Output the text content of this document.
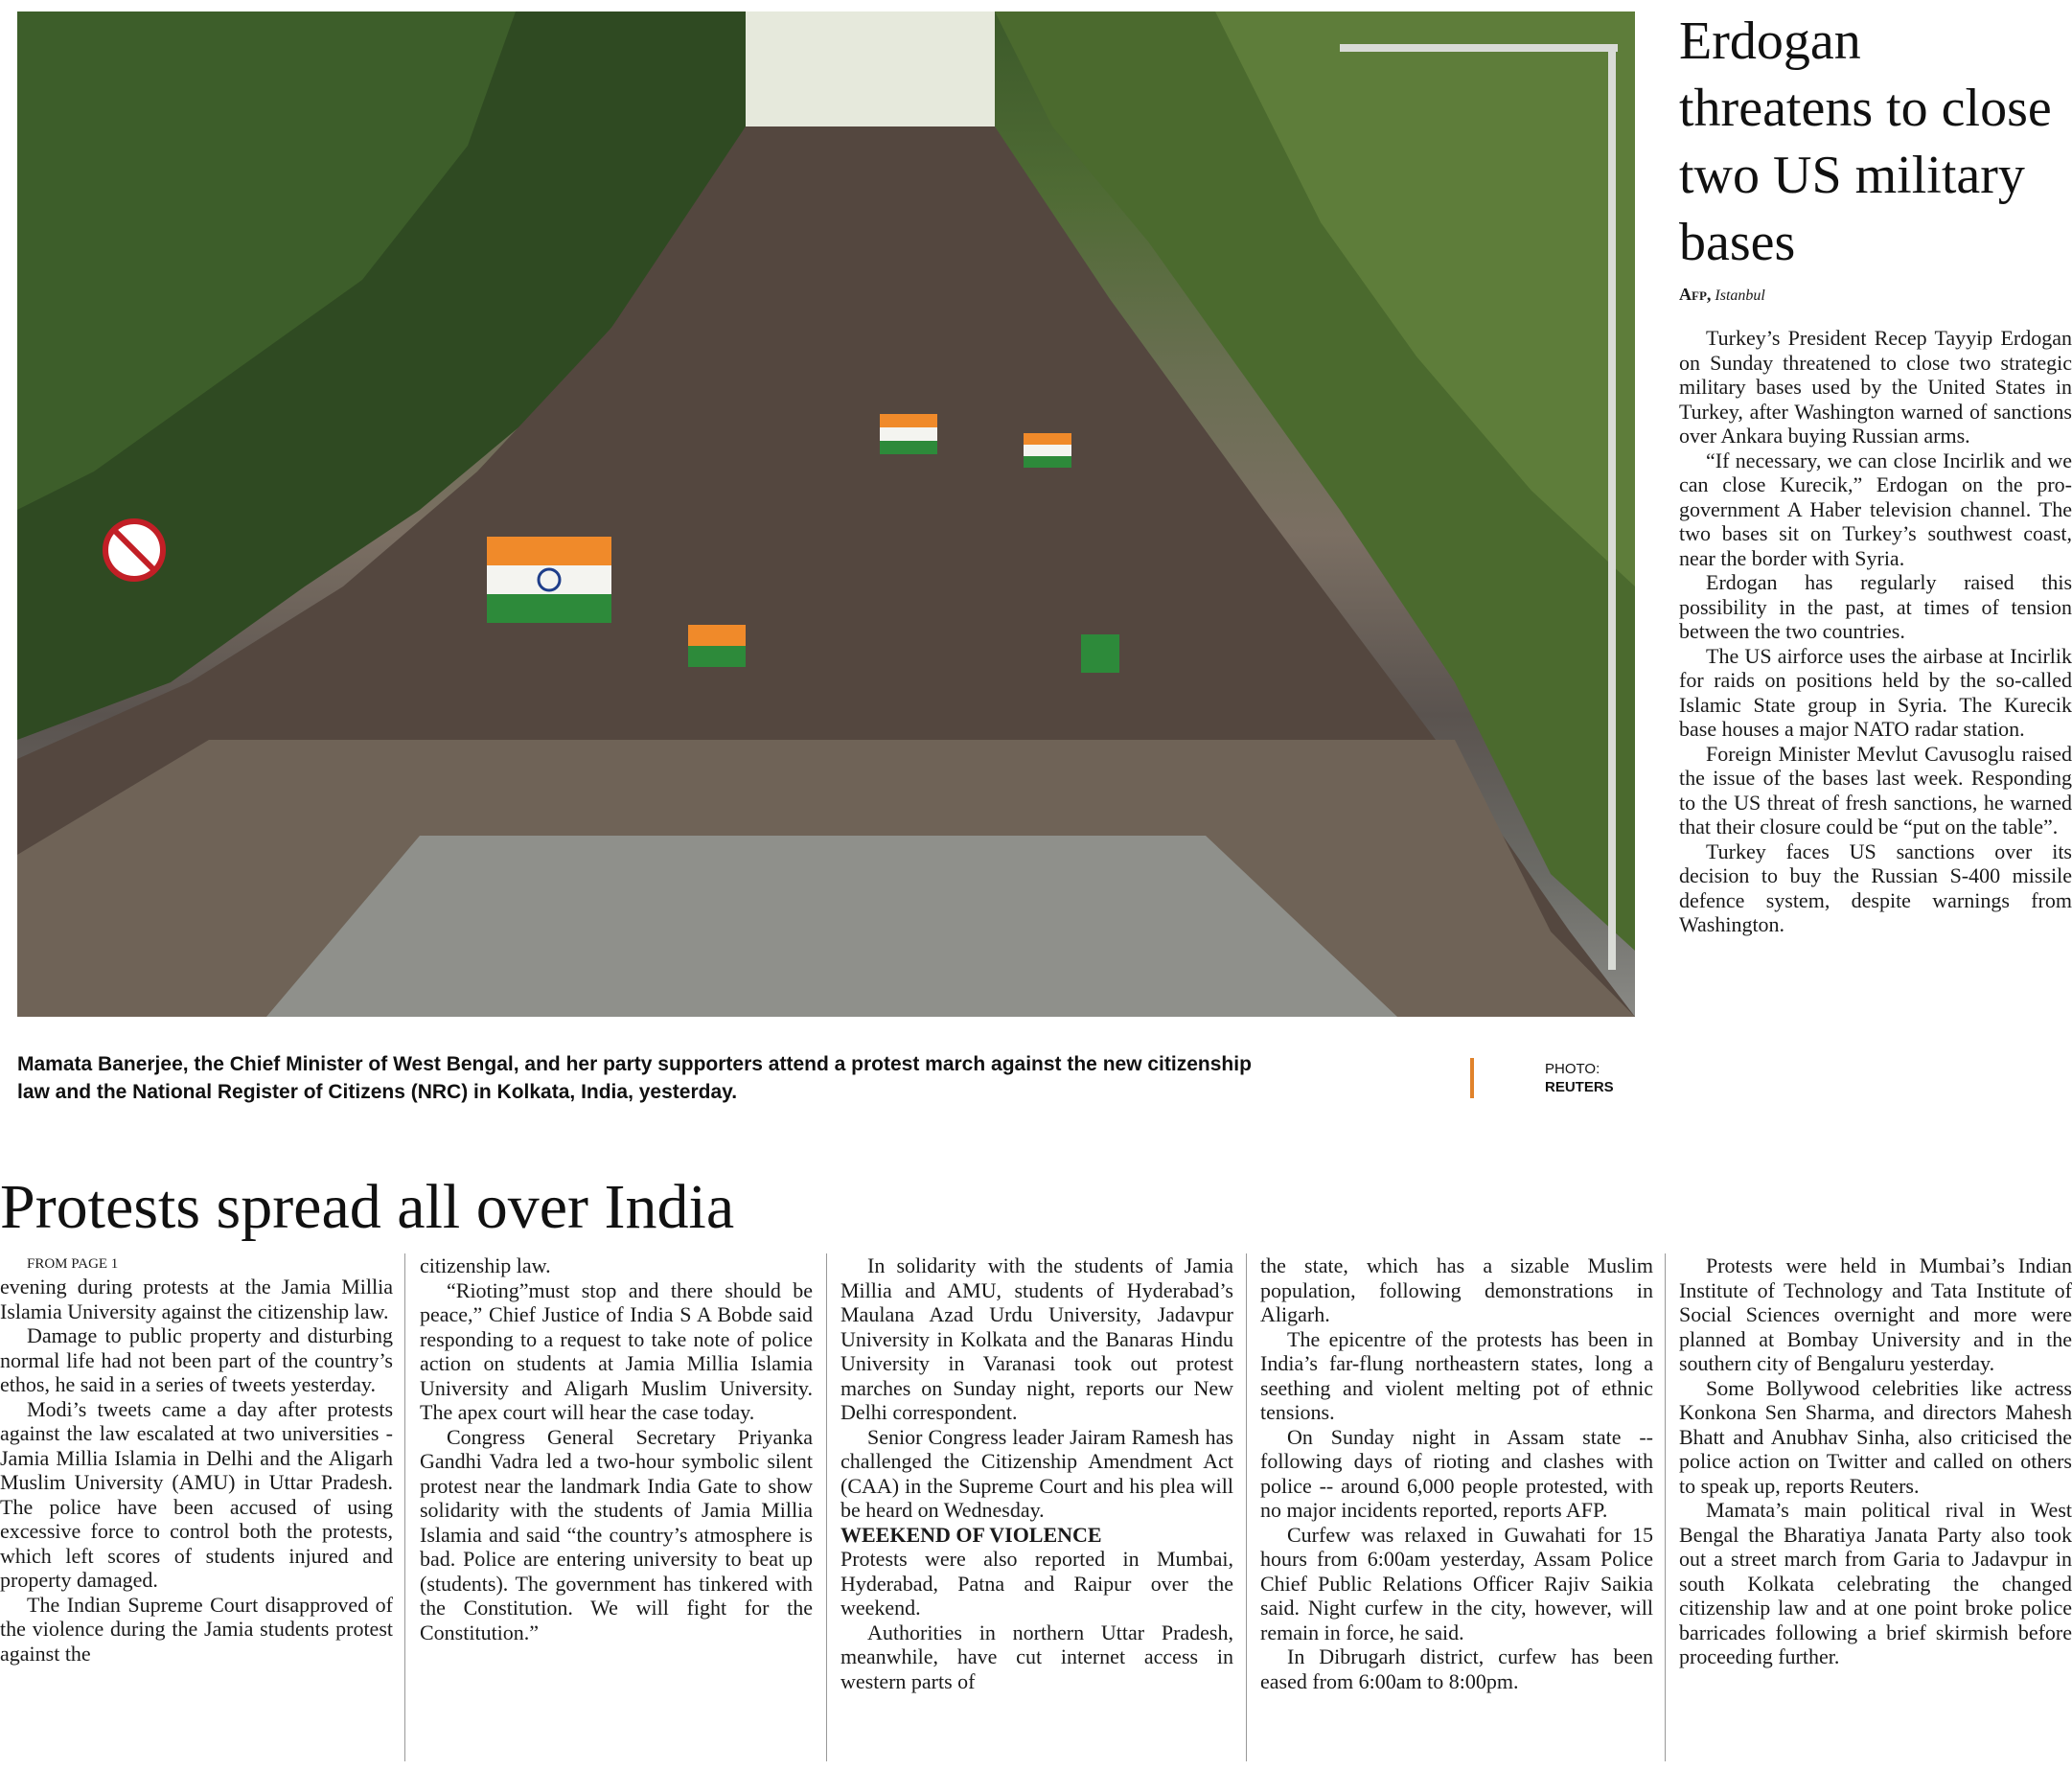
Mamata Banerjee, the Chief Minister of West Bengal, and her party supporters attend a protest march against the new citizenship law and the National Register of Citizens (NRC) in Kolkata, India, yesterday.
PHOTO:
REUTERS
Erdogan threatens to close two US military bases
Afp, Istanbul

Turkey’s President Recep Tayyip Erdogan on Sunday threatened to close two strategic military bases used by the United States in Turkey, after Washington warned of sanctions over Ankara buying Russian arms.

“If necessary, we can close Incirlik and we can close Kurecik,” Erdogan on the pro-government A Haber television channel. The two bases sit on Turkey’s southwest coast, near the border with Syria.

Erdogan has regularly raised this possibility in the past, at times of tension between the two countries.

The US airforce uses the airbase at Incirlik for raids on positions held by the so-called Islamic State group in Syria. The Kurecik base houses a major NATO radar station.

Foreign Minister Mevlut Cavusoglu raised the issue of the bases last week. Responding to the US threat of fresh sanctions, he warned that their closure could be “put on the table”.

Turkey faces US sanctions over its decision to buy the Russian S-400 missile defence system, despite warnings from Washington.

Protests spread all over India

FROM PAGE 1

evening during protests at the Jamia Millia Islamia University against the citizenship law.

Damage to public property and disturbing normal life had not been part of the country’s ethos, he said in a series of tweets yesterday.

Modi’s tweets came a day after protests against the law escalated at two universities - Jamia Millia Islamia in Delhi and the Aligarh Muslim University (AMU) in Uttar Pradesh. The police have been accused of using excessive force to control both the protests, which left scores of students injured and property damaged.

The Indian Supreme Court disapproved of the violence during the Jamia students protest against the

citizenship law.

“Rioting”must stop and there should be peace,” Chief Justice of India S A Bobde said responding to a request to take note of police action on students at Jamia Millia Islamia University and Aligarh Muslim University. The apex court will hear the case today.

Congress General Secretary Priyanka Gandhi Vadra led a two-hour symbolic silent protest near the landmark India Gate to show solidarity with the students of Jamia Millia Islamia and said “the country’s atmosphere is bad. Police are entering university to beat up (students). The government has tinkered with the Constitution. We will fight for the Constitution.”

In solidarity with the students of Jamia Millia and AMU, students of Hyderabad’s Maulana Azad Urdu University, Jadavpur University in Kolkata and the Banaras Hindu University in Varanasi took out protest marches on Sunday night, reports our New Delhi correspondent.

Senior Congress leader Jairam Ramesh has challenged the Citizenship Amendment Act (CAA) in the Supreme Court and his plea will be heard on Wednesday.

WEEKEND OF VIOLENCE

Protests were also reported in Mumbai, Hyderabad, Patna and Raipur over the weekend.

Authorities in northern Uttar Pradesh, meanwhile, have cut internet access in western parts of

the state, which has a sizable Muslim population, following demonstrations in Aligarh.

The epicentre of the protests has been in India’s far-flung northeastern states, long a seething and violent melting pot of ethnic tensions.

On Sunday night in Assam state -- following days of rioting and clashes with police -- around 6,000 people protested, with no major incidents reported, reports AFP.

Curfew was relaxed in Guwahati for 15 hours from 6:00am yesterday, Assam Police Chief Public Relations Officer Rajiv Saikia said. Night curfew in the city, however, will remain in force, he said.

In Dibrugarh district, curfew has been eased from 6:00am to 8:00pm.

Protests were held in Mumbai’s Indian Institute of Technology and Tata Institute of Social Sciences overnight and more were planned at Bombay University and in the southern city of Bengaluru yesterday.

Some Bollywood celebrities like actress Konkona Sen Sharma, and directors Mahesh Bhatt and Anubhav Sinha, also criticised the police action on Twitter and called on others to speak up, reports Reuters.

Mamata’s main political rival in West Bengal the Bharatiya Janata Party also took out a street march from Garia to Jadavpur in south Kolkata celebrating the changed citizenship law and at one point broke police barricades following a brief skirmish before proceeding further.
